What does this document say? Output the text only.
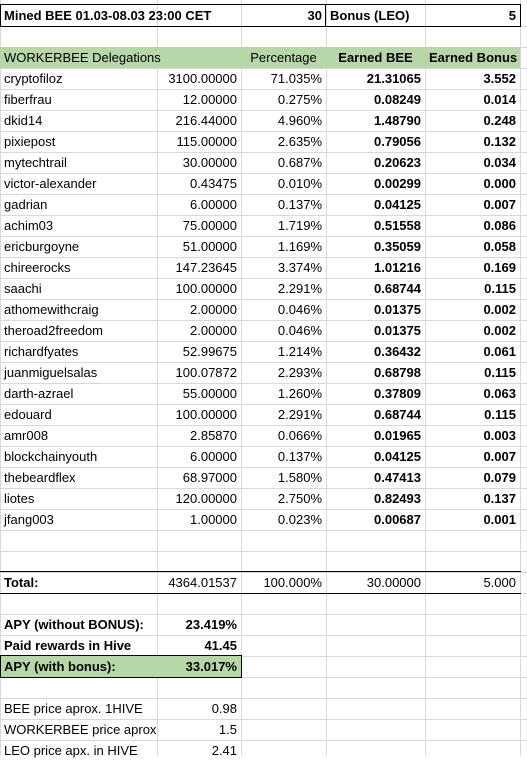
Mined BEE 01.03-08.03 23:00 CET	30 Bonus (LEO)	5
WORKERBEE Delegations	Percentage	Earned BEE	Earned Bonus
cryptofiloz	3100.00000	71.035%	21.31065	3.552
fiberfrau	12.00000	0.275%	0.08249	0.014
dkid14	216.44000	4.960%	1.48790	0.248
pixiepost	115.00000	2.635%	0.79056	0.132
mytechtrail	30.00000	0.687%	0.20623	0.034
victor-alexander	0.43475	0.010%	0.00299	0.000
gadrian	6.00000	0.137%	0.04125	0.007
achim03	75.00000	1.719%	0.51558	0.086
ericburgoyne	51.00000	1.169%	0.35059	0.058
chireerocks	147.23645	3.374%	1.01216	0.169
saachi	100.00000	2.291%	0.68744	0.115
athomewithcraig	2.00000	0.046%	0.01375	0.002
theroad2freedom	2.00000	0.046%	0.01375	0.002
richardfyates	52.99675	1.214%	0.36432	0.061
juanmiguelsalas	100.07872	2.293%	0.68798	0.115
darth-azrael	55.00000	1.260%	0.37809	0.063
edouard	100.00000	2.291%	0.68744	0.115
amr008	2.85870	0.066%	0.01965	0.003
blockchainyouth	6.00000	0.137%	0.04125	0.007
thebeardflex	68.97000	1.580%	0.47413	0.079
liotes	120.00000	2.750%	0.82493	0.137
jfang003	1.00000	0.023%	0.00687	0.001
Total:	4364.01537	100.000%	30.00000	5.000
APY (without BONUS):	23.419%
Paid rewards in Hive	41.45
APY (with bonus):	33.017%
BEE price aprox. 1HIVE	0.98
WORKERBEE price aprox	1.5
LEO price apx. in HIVE	2.41
